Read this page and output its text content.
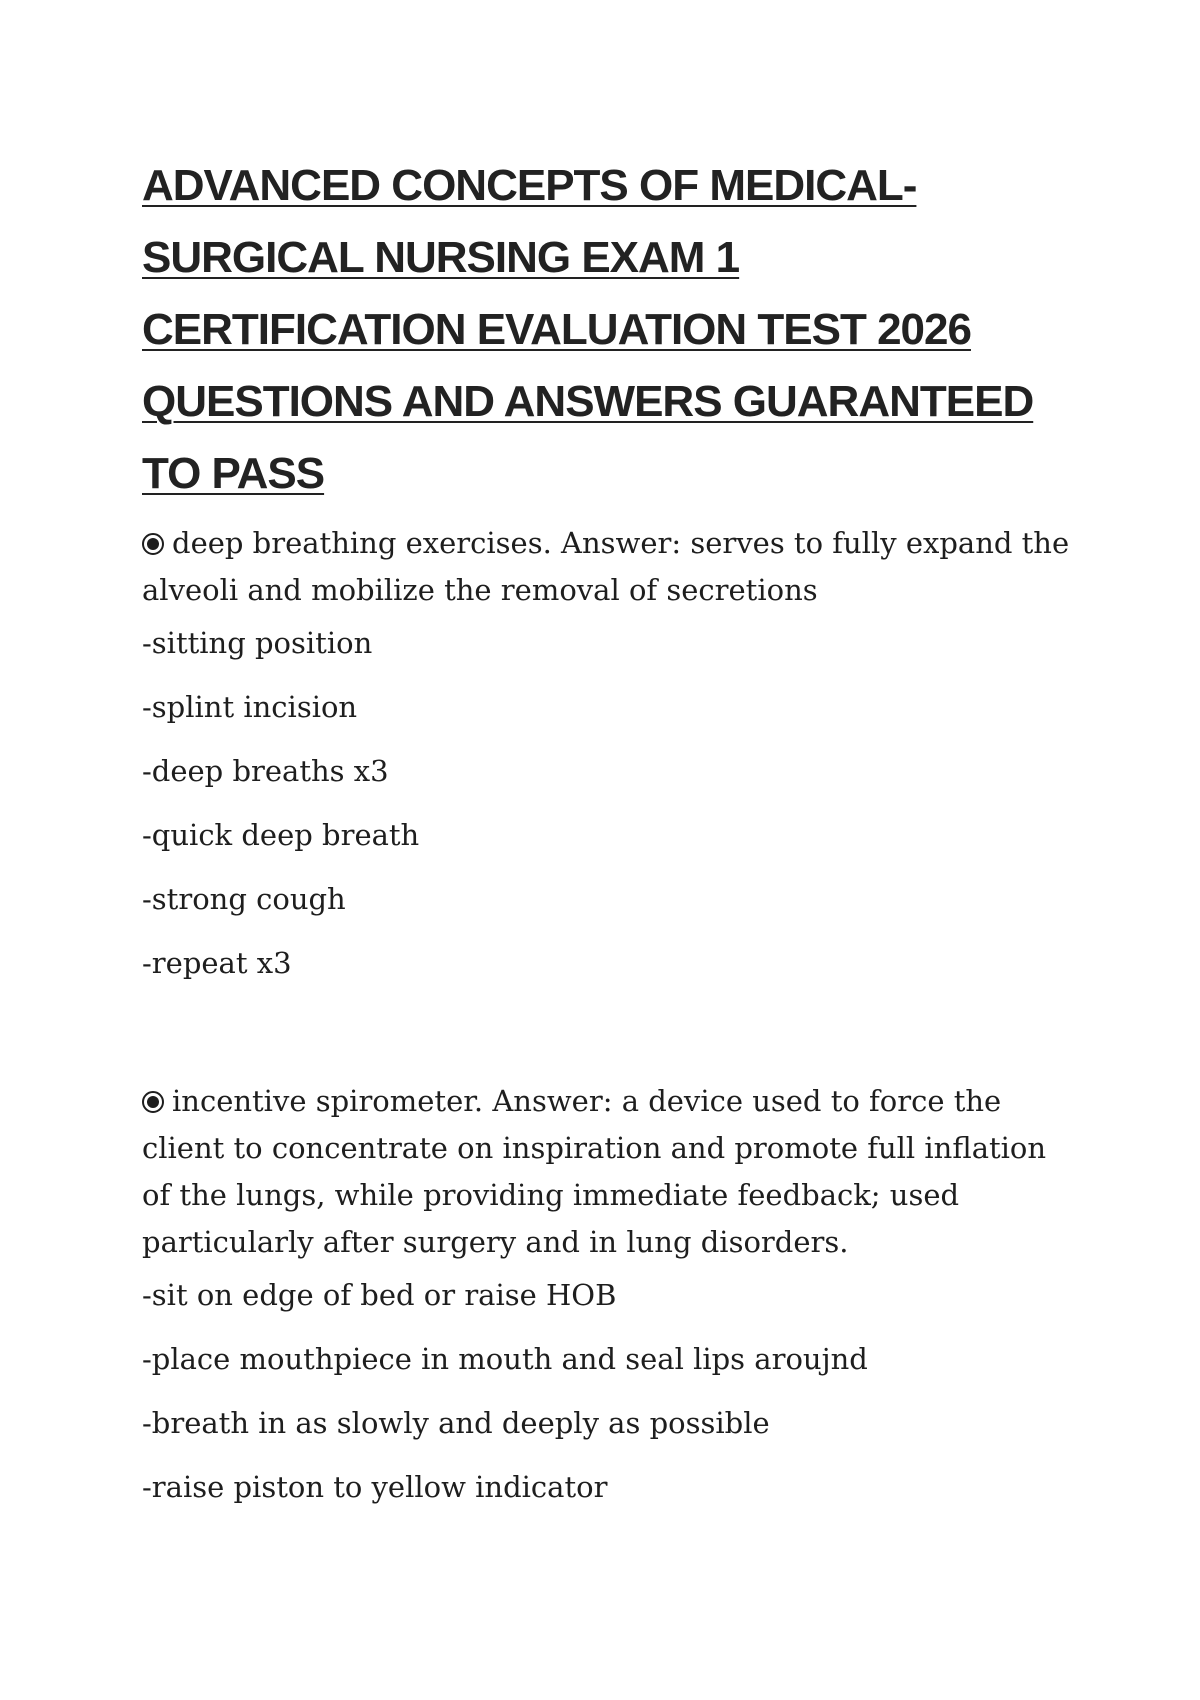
ADVANCED CONCEPTS OF MEDICAL-SURGICAL NURSING EXAM 1 CERTIFICATION EVALUATION TEST 2026 QUESTIONS AND ANSWERS GUARANTEED TO PASS

deep breathing exercises. Answer: serves to fully expand the alveoli and mobilize the removal of secretions

-sitting position
-splint incision
-deep breaths x3
-quick deep breath
-strong cough
-repeat x3

incentive spirometer. Answer: a device used to force the client to concentrate on inspiration and promote full inflation of the lungs, while providing immediate feedback; used particularly after surgery and in lung disorders.

-sit on edge of bed or raise HOB
-place mouthpiece in mouth and seal lips aroujnd
-breath in as slowly and deeply as possible
-raise piston to yellow indicator
